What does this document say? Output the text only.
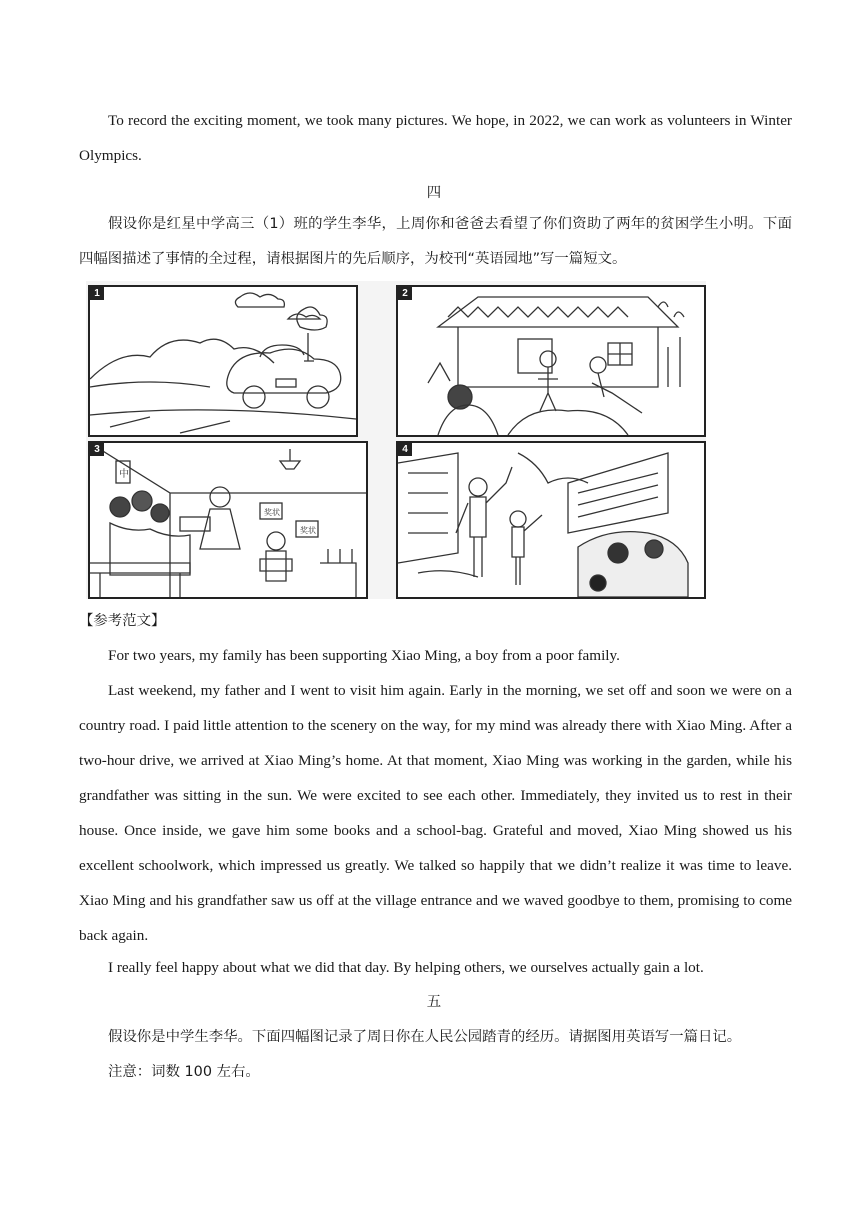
To record the exciting moment, we took many pictures. We hope, in 2022, we can work as volunteers in Winter Olympics.

四

假设你是红星中学高三（1）班的学生李华，上周你和爸爸去看望了你们资助了两年的贫困学生小明。下面四幅图描述了事情的全过程，请根据图片的先后顺序，为校刊“英语园地”写一篇短文。

1	2
中
奖状
奖状
3	4

【参考范文】

For two years, my family has been supporting Xiao Ming, a boy from a poor family.

Last weekend, my father and I went to visit him again. Early in the morning, we set off and soon we were on a country road. I paid little attention to the scenery on the way, for my mind was already there with Xiao Ming. After a two-hour drive, we arrived at Xiao Ming’s home. At that moment, Xiao Ming was working in the garden, while his grandfather was sitting in the sun. We were excited to see each other. Immediately, they invited us to rest in their house. Once inside, we gave him some books and a school-bag. Grateful and moved, Xiao Ming showed us his excellent schoolwork, which impressed us greatly. We talked so happily that we didn’t realize it was time to leave. Xiao Ming and his grandfather saw us off at the village entrance and we waved goodbye to them, promising to come back again.

I really feel happy about what we did that day. By helping others, we ourselves actually gain a lot.

五

假设你是中学生李华。下面四幅图记录了周日你在人民公园踏青的经历。请据图用英语写一篇日记。

注意：词数 100 左右。
